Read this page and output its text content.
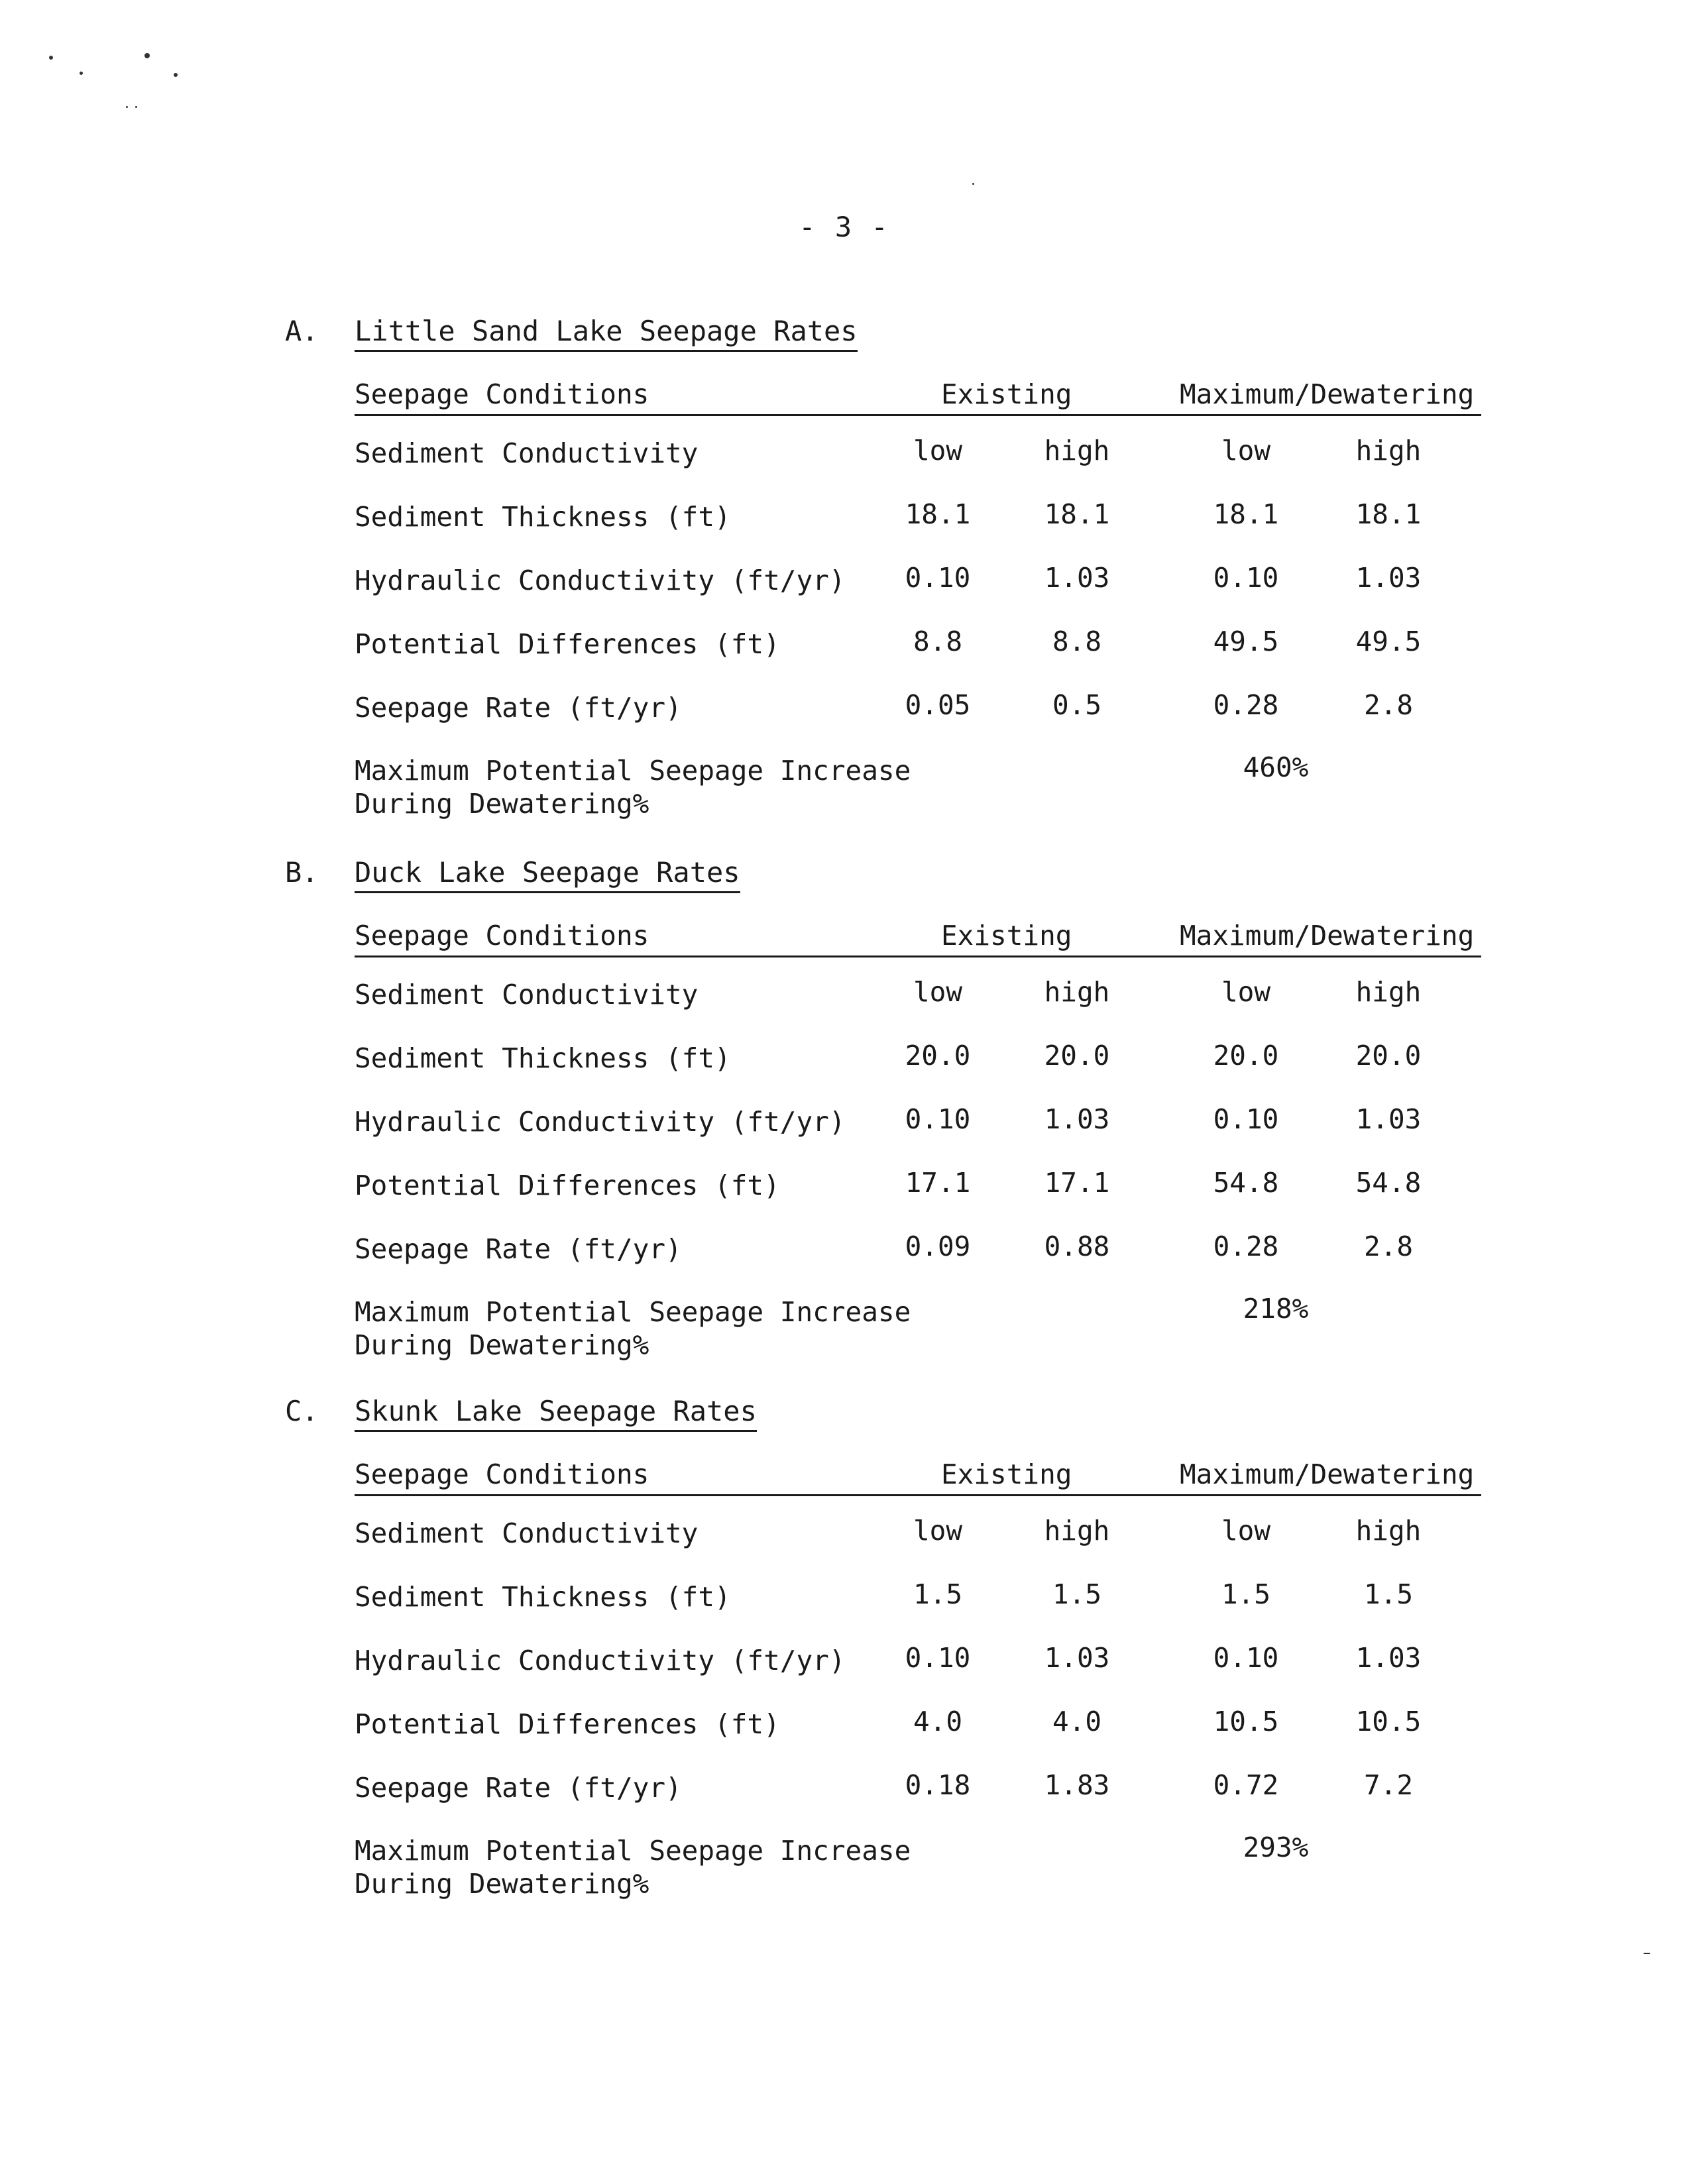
- 3 -
A. Little Sand Lake Seepage Rates
Seepage Conditions	Existing	Maximum/Dewatering
Sediment Conductivity	low	high	low	high
Sediment Thickness (ft)	18.1	18.1	18.1	18.1
Hydraulic Conductivity (ft/yr)	0.10	1.03	0.10	1.03
Potential Differences (ft)	8.8	8.8	49.5	49.5
Seepage Rate (ft/yr)	0.05	0.5	0.28	2.8
Maximum Potential Seepage Increase
During Dewatering%
460%
B. Duck Lake Seepage Rates
Seepage Conditions	Existing	Maximum/Dewatering
Sediment Conductivity	low	high	low	high
Sediment Thickness (ft)	20.0	20.0	20.0	20.0
Hydraulic Conductivity (ft/yr)	0.10	1.03	0.10	1.03
Potential Differences (ft)	17.1	17.1	54.8	54.8
Seepage Rate (ft/yr)	0.09	0.88	0.28	2.8
Maximum Potential Seepage Increase
During Dewatering%
218%
C. Skunk Lake Seepage Rates
Seepage Conditions	Existing	Maximum/Dewatering
Sediment Conductivity	low	high	low	high
Sediment Thickness (ft)	1.5	1.5	1.5	1.5
Hydraulic Conductivity (ft/yr)	0.10	1.03	0.10	1.03
Potential Differences (ft)	4.0	4.0	10.5	10.5
Seepage Rate (ft/yr)	0.18	1.83	0.72	7.2
Maximum Potential Seepage Increase
During Dewatering%
293%
